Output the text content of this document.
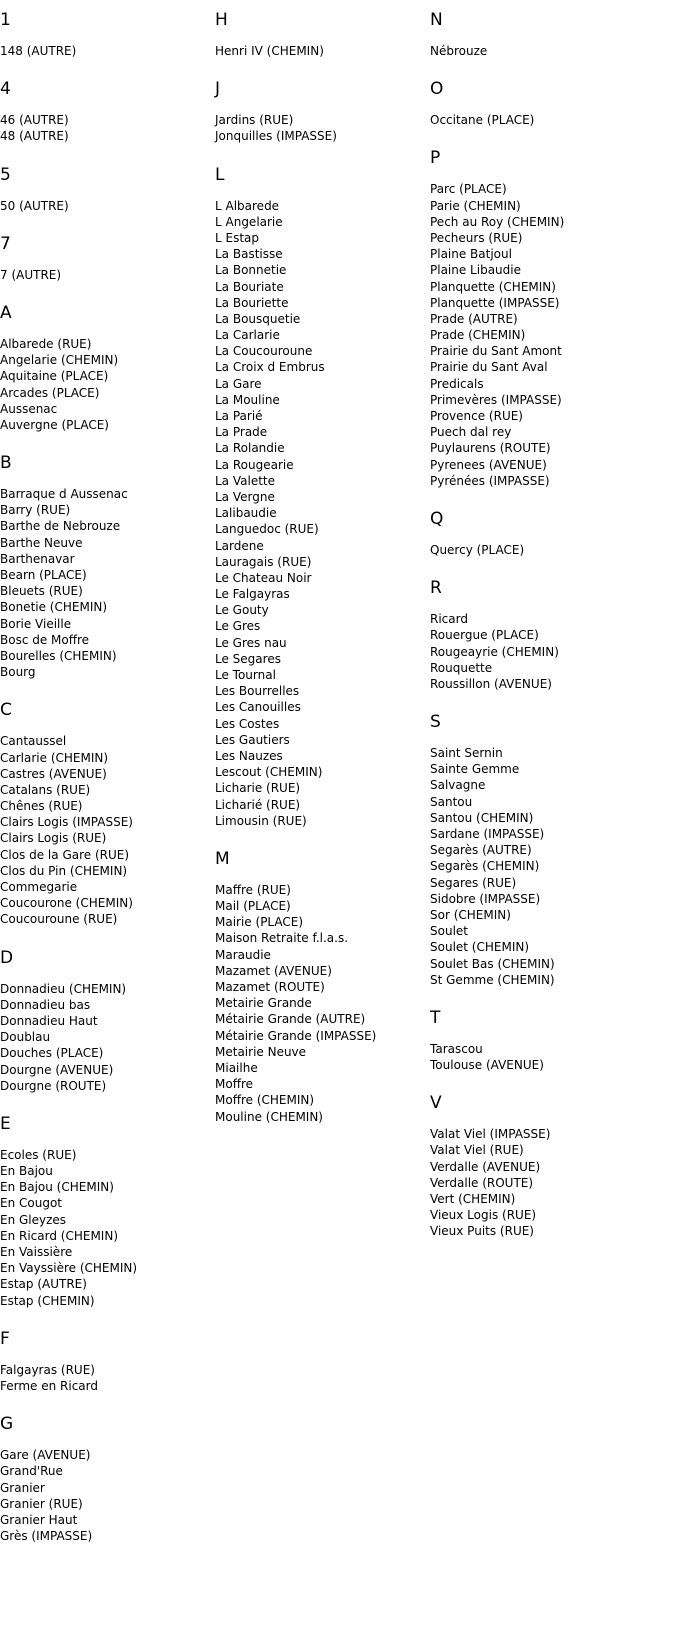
1
148 (AUTRE)
4
46 (AUTRE)
48 (AUTRE)
5
50 (AUTRE)
7
7 (AUTRE)
A
Albarede (RUE)
Angelarie (CHEMIN)
Aquitaine (PLACE)
Arcades (PLACE)
Aussenac
Auvergne (PLACE)
B
Barraque d Aussenac
Barry (RUE)
Barthe de Nebrouze
Barthe Neuve
Barthenavar
Bearn (PLACE)
Bleuets (RUE)
Bonetie (CHEMIN)
Borie Vieille
Bosc de Moffre
Bourelles (CHEMIN)
Bourg
C
Cantaussel
Carlarie (CHEMIN)
Castres (AVENUE)
Catalans (RUE)
Chênes (RUE)
Clairs Logis (IMPASSE)
Clairs Logis (RUE)
Clos de la Gare (RUE)
Clos du Pin (CHEMIN)
Commegarie
Coucourone (CHEMIN)
Coucouroune (RUE)
D
Donnadieu (CHEMIN)
Donnadieu bas
Donnadieu Haut
Doublau
Douches (PLACE)
Dourgne (AVENUE)
Dourgne (ROUTE)
E
Ecoles (RUE)
En Bajou
En Bajou (CHEMIN)
En Cougot
En Gleyzes
En Ricard (CHEMIN)
En Vaissière
En Vayssière (CHEMIN)
Estap (AUTRE)
Estap (CHEMIN)
F
Falgayras (RUE)
Ferme en Ricard
G
Gare (AVENUE)
Grand'Rue
Granier
Granier (RUE)
Granier Haut
Grès (IMPASSE)
H
Henri IV (CHEMIN)
J
Jardins (RUE)
Jonquilles (IMPASSE)
L
L Albarede
L Angelarie
L Estap
La Bastisse
La Bonnetie
La Bouriate
La Bouriette
La Bousquetie
La Carlarie
La Coucouroune
La Croix d Embrus
La Gare
La Mouline
La Parié
La Prade
La Rolandie
La Rougearie
La Valette
La Vergne
Lalibaudie
Languedoc (RUE)
Lardene
Lauragais (RUE)
Le Chateau Noir
Le Falgayras
Le Gouty
Le Gres
Le Gres nau
Le Segares
Le Tournal
Les Bourrelles
Les Canouilles
Les Costes
Les Gautiers
Les Nauzes
Lescout (CHEMIN)
Licharie (RUE)
Licharié (RUE)
Limousin (RUE)
M
Maffre (RUE)
Mail (PLACE)
Mairie (PLACE)
Maison Retraite f.l.a.s.
Maraudie
Mazamet (AVENUE)
Mazamet (ROUTE)
Metairie Grande
Métairie Grande (AUTRE)
Métairie Grande (IMPASSE)
Metairie Neuve
Miailhe
Moffre
Moffre (CHEMIN)
Mouline (CHEMIN)
N
Nébrouze
O
Occitane (PLACE)
P
Parc (PLACE)
Parie (CHEMIN)
Pech au Roy (CHEMIN)
Pecheurs (RUE)
Plaine Batjoul
Plaine Libaudie
Planquette (CHEMIN)
Planquette (IMPASSE)
Prade (AUTRE)
Prade (CHEMIN)
Prairie du Sant Amont
Prairie du Sant Aval
Predicals
Primevères (IMPASSE)
Provence (RUE)
Puech dal rey
Puylaurens (ROUTE)
Pyrenees (AVENUE)
Pyrénées (IMPASSE)
Q
Quercy (PLACE)
R
Ricard
Rouergue (PLACE)
Rougeayrie (CHEMIN)
Rouquette
Roussillon (AVENUE)
S
Saint Sernin
Sainte Gemme
Salvagne
Santou
Santou (CHEMIN)
Sardane (IMPASSE)
Segarès (AUTRE)
Segarès (CHEMIN)
Segares (RUE)
Sidobre (IMPASSE)
Sor (CHEMIN)
Soulet
Soulet (CHEMIN)
Soulet Bas (CHEMIN)
St Gemme (CHEMIN)
T
Tarascou
Toulouse (AVENUE)
V
Valat Viel (IMPASSE)
Valat Viel (RUE)
Verdalle (AVENUE)
Verdalle (ROUTE)
Vert (CHEMIN)
Vieux Logis (RUE)
Vieux Puits (RUE)
